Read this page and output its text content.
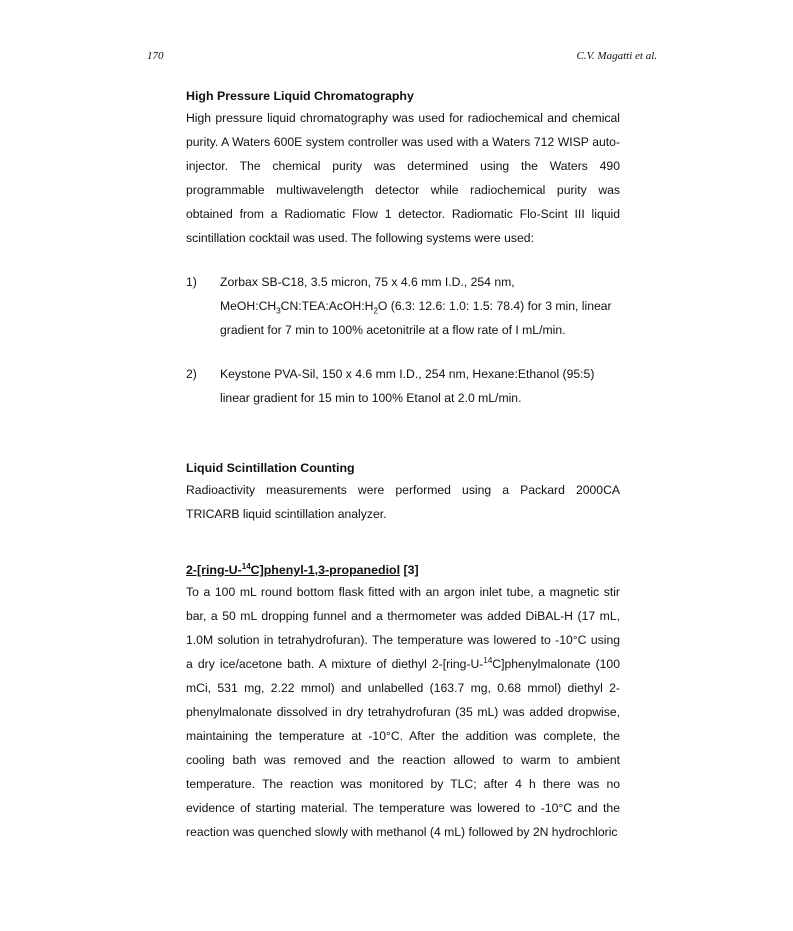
170	C.V. Magatti et al.
High Pressure Liquid Chromatography

High pressure liquid chromatography was used for radiochemical and chemical purity. A Waters 600E system controller was used with a Waters 712 WISP auto-injector. The chemical purity was determined using the Waters 490 programmable multiwavelength detector while radiochemical purity was obtained from a Radiomatic Flow 1 detector. Radiomatic Flo-Scint III liquid scintillation cocktail was used. The following systems were used:

1) Zorbax SB-C18, 3.5 micron, 75 x 4.6 mm I.D., 254 nm,

$MeOH:CH_3CN:TEA:AcOH:H_2O$ (6.3: 12.6: 1.0: 1.5: 78.4) for 3 min, linear

gradient for 7 min to 100% acetonitrile at a flow rate of I mL/min.

2) Keystone PVA-Sil, 150 x 4.6 mm I.D., 254 nm, Hexane:Ethanol (95:5)

linear gradient for 15 min to 100% Etanol at 2.0 mL/min.

Liquid Scintillation Counting

Radioactivity measurements were performed using a Packard 2000CA TRICARB liquid scintillation analyzer.

2-[ring-U-$^{14}$C]phenyl-1,3-propanediol [3]

To a 100 mL round bottom flask fitted with an argon inlet tube, a magnetic stir bar, a 50 mL dropping funnel and a thermometer was added DiBAL-H (17 mL, 1.0M solution in tetrahydrofuran). The temperature was lowered to -10°C using a dry ice/acetone bath. A mixture of diethyl 2-[ring-U-$^{14}$C]phenylmalonate (100 mCi, 531 mg, 2.22 mmol) and unlabelled (163.7 mg, 0.68 mmol) diethyl 2-phenylmalonate dissolved in dry tetrahydrofuran (35 mL) was added dropwise, maintaining the temperature at -10°C. After the addition was complete, the cooling bath was removed and the reaction allowed to warm to ambient temperature. The reaction was monitored by TLC; after 4 h there was no evidence of starting material. The temperature was lowered to -10°C and the reaction was quenched slowly with methanol (4 mL) followed by 2N hydrochloric
